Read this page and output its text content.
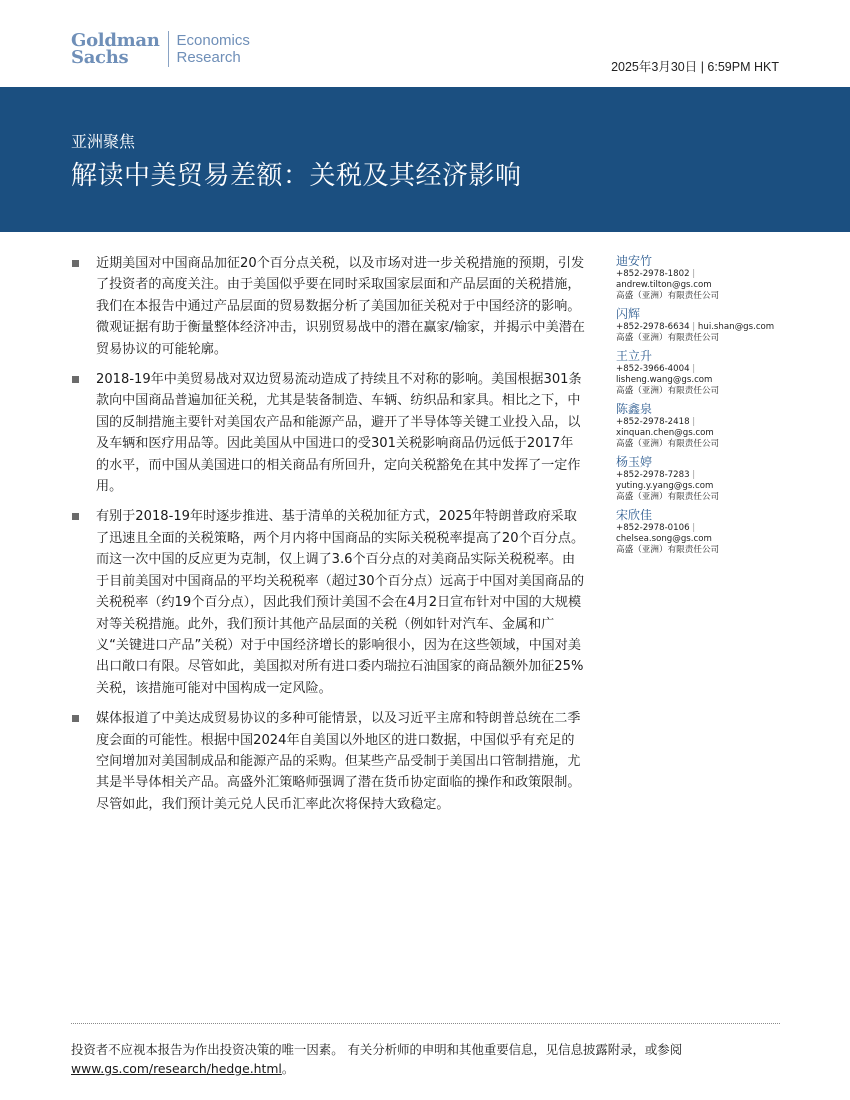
Goldman
Sachs
Economics
Research
2025年3月30日 | 6:59PM HKT
亚洲聚焦
解读中美贸易差额：关税及其经济影响
近期美国对中国商品加征20个百分点关税，以及市场对进一步关税措施的预期，引发了投资者的高度关注。由于美国似乎要在同时采取国家层面和产品层面的关税措施，我们在本报告中通过产品层面的贸易数据分析了美国加征关税对于中国经济的影响。微观证据有助于衡量整体经济冲击，识别贸易战中的潜在赢家/输家，并揭示中美潜在贸易协议的可能轮廓。
2018-19年中美贸易战对双边贸易流动造成了持续且不对称的影响。美国根据301条款向中国商品普遍加征关税，尤其是装备制造、车辆、纺织品和家具。相比之下，中国的反制措施主要针对美国农产品和能源产品，避开了半导体等关键工业投入品，以及车辆和医疗用品等。因此美国从中国进口的受301关税影响商品仍远低于2017年的水平，而中国从美国进口的相关商品有所回升，定向关税豁免在其中发挥了一定作用。
有别于2018-19年时逐步推进、基于清单的关税加征方式，2025年特朗普政府采取了迅速且全面的关税策略，两个月内将中国商品的实际关税税率提高了20个百分点。而这一次中国的反应更为克制，仅上调了3.6个百分点的对美商品实际关税税率。由于目前美国对中国商品的平均关税税率（超过30个百分点）远高于中国对美国商品的关税税率（约19个百分点），因此我们预计美国不会在4月2日宣布针对中国的大规模对等关税措施。此外，我们预计其他产品层面的关税（例如针对汽车、金属和广义“关键进口产品”关税）对于中国经济增长的影响很小，因为在这些领域，中国对美出口敞口有限。尽管如此，美国拟对所有进口委内瑞拉石油国家的商品额外加征25%关税，该措施可能对中国构成一定风险。
媒体报道了中美达成贸易协议的多种可能情景，以及习近平主席和特朗普总统在二季度会面的可能性。根据中国2024年自美国以外地区的进口数据，中国似乎有充足的空间增加对美国制成品和能源产品的采购。但某些产品受制于美国出口管制措施，尤其是半导体相关产品。高盛外汇策略师强调了潜在货币协定面临的操作和政策限制。尽管如此，我们预计美元兑人民币汇率此次将保持大致稳定。
迪安竹
+852-2978-1802 |
andrew.tilton@gs.com
高盛（亚洲）有限责任公司
闪辉
+852-2978-6634 | hui.shan@gs.com
高盛（亚洲）有限责任公司
王立升
+852-3966-4004 |
lisheng.wang@gs.com
高盛（亚洲）有限责任公司
陈鑫泉
+852-2978-2418 |
xinquan.chen@gs.com
高盛（亚洲）有限责任公司
杨玉婷
+852-2978-7283 |
yuting.y.yang@gs.com
高盛（亚洲）有限责任公司
宋欣佳
+852-2978-0106 |
chelsea.song@gs.com
高盛（亚洲）有限责任公司
投资者不应视本报告为作出投资决策的唯一因素。 有关分析师的申明和其他重要信息，见信息披露附录，或参阅www.gs.com/research/hedge.html。
